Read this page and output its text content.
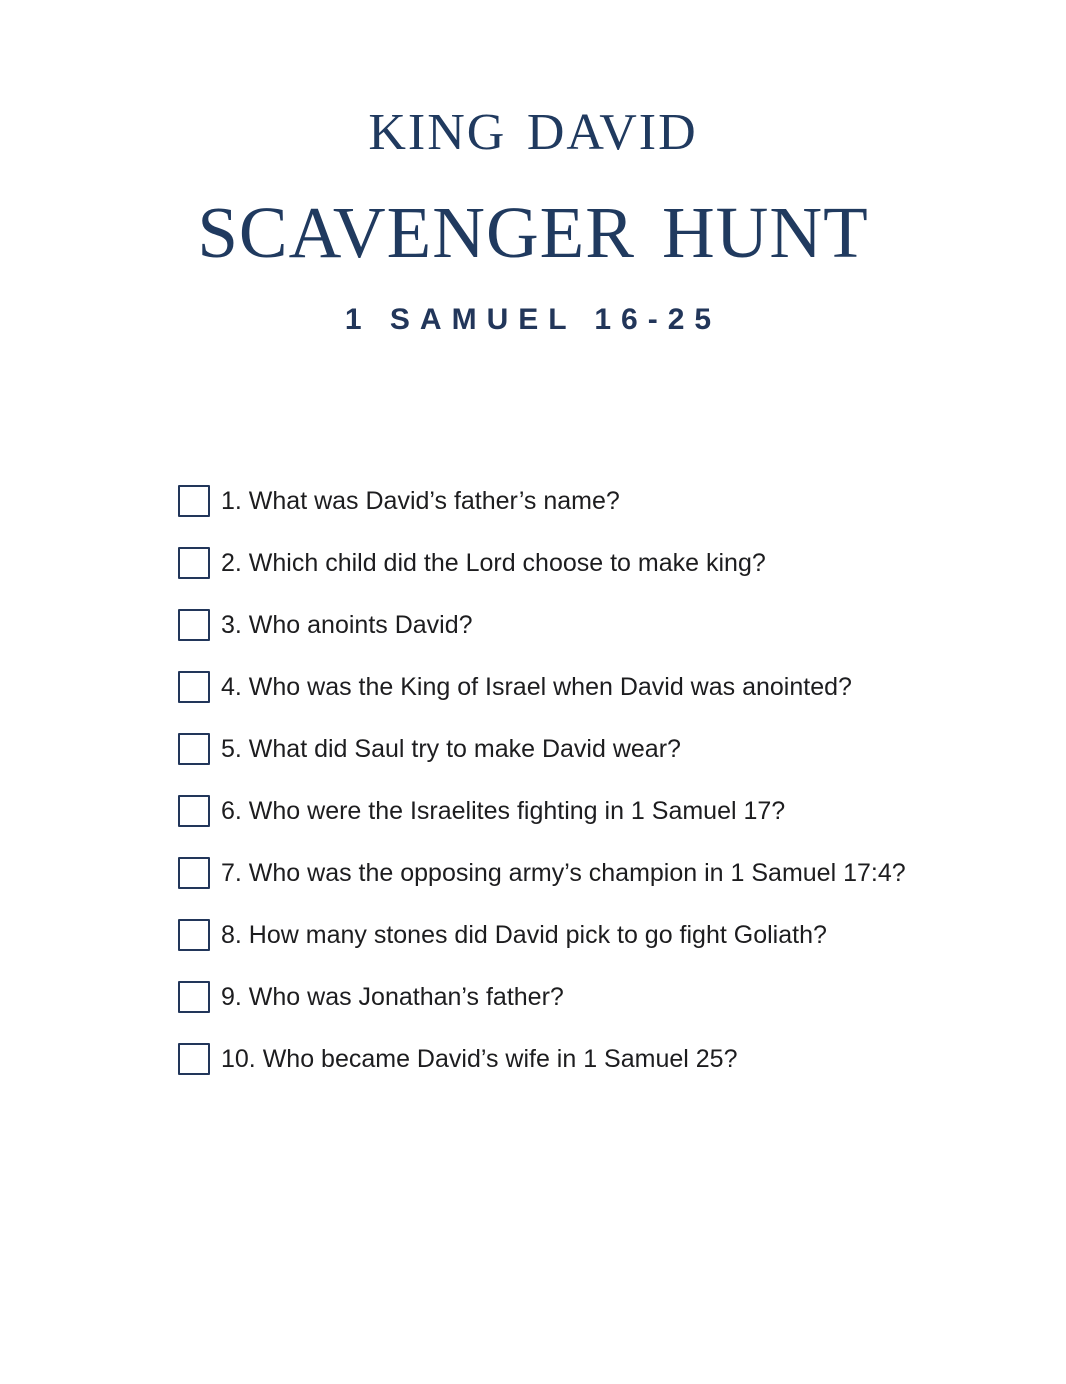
king david
scavenger hunt
1 SAMUEL 16-25
1. What was David’s father’s name?
2. Which child did the Lord choose to make king?
3. Who anoints David?
4. Who was the King of Israel when David was anointed?
5. What did Saul try to make David wear?
6. Who were the Israelites fighting in 1 Samuel 17?
7. Who was the opposing army’s champion in 1 Samuel 17:4?
8. How many stones did David pick to go fight Goliath?
9. Who was Jonathan’s father?
10. Who became David’s wife in 1 Samuel 25?
